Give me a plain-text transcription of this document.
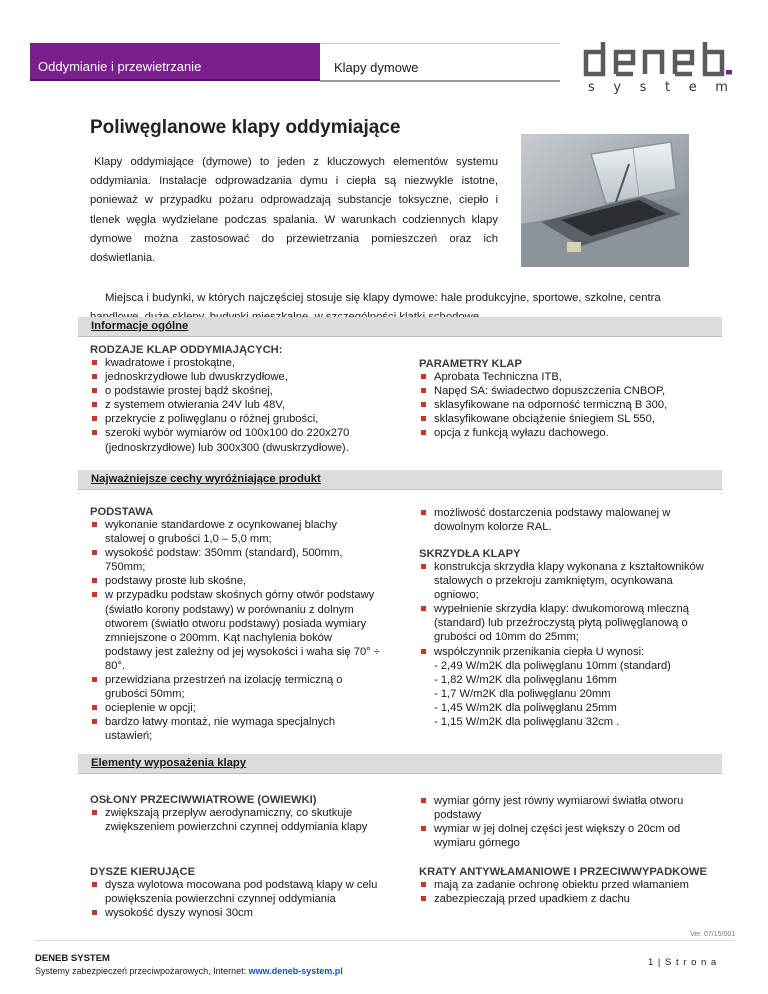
Oddymianie i przewietrzanie	Klapy dymowe
s y s t e m
Poliwęglanowe klapy oddymiające
Klapy oddymiające (dymowe) to jeden z kluczowych elementów systemu oddymiania. Instalacje odprowadzania dymu i ciepła są niezwykle istotne, ponieważ w przypadku pożaru odprowadzają substancje toksyczne, ciepło i tlenek węgla wydzielane podczas spalania. W warunkach codziennych klapy dymowe można zastosować do przewietrzania pomieszczeń oraz ich doświetlania.
Miejsca i budynki, w których najczęściej stosuje się klapy dymowe: hale produkcyjne, sportowe, szkolne, centra
Informacje ogólne
RODZAJE KLAP ODDYMIAJĄCYCH:
kwadratowe i prostokątne,
jednoskrzydłowe lub dwuskrzydłowe,
o podstawie prostej bądź skośnej,
z systemem otwierania 24V lub 48V,
przekrycie z poliwęglanu o różnej grubości,
szeroki wybór wymiarów od 100x100 do 220x270 (jednoskrzydłowe) lub 300x300 (dwuskrzydłowe).
PARAMETRY KLAP
Aprobata Techniczna ITB,
Napęd SA: świadectwo dopuszczenia CNBOP,
sklasyfikowane na odporność termiczną B 300,
sklasyfikowane obciążenie śniegiem SL 550,
opcja z funkcją wyłazu dachowego.
Najważniejsze cechy wyróżniające produkt
PODSTAWA
wykonanie standardowe z ocynkowanej blachy stalowej o grubości 1,0 – 5,0 mm;
wysokość podstaw: 350mm (standard), 500mm, 750mm;
podstawy proste lub skośne,
w przypadku podstaw skośnych górny otwór podstawy (światło korony podstawy) w porównaniu z dolnym otworem (światło otworu podstawy) posiada wymiary zmniejszone o 200mm. Kąt nachylenia boków podstawy jest zależny od jej wysokości i waha się 70° ÷ 80°.
przewidziana przestrzeń na izolację termiczną o grubości 50mm;
ocieplenie w opcji;
bardzo łatwy montaż, nie wymaga specjalnych ustawień;
możliwość dostarczenia podstawy malowanej w dowolnym kolorze RAL.
SKRZYDŁA KLAPY
konstrukcja skrzydła klapy wykonana z kształtowników stalowych o przekroju zamkniętym, ocynkowana ogniowo;
wypełnienie skrzydła klapy: dwukomorową mleczną (standard) lub przeźroczystą płytą poliwęglanową o grubości od 10mm do 25mm;
współczynnik przenikania ciepła U wynosi:
- 2,49 W/m2K dla poliwęglanu 10mm (standard)
- 1,82 W/m2K dla poliwęglanu 16mm
- 1,7 W/m2K dla poliwęglanu 20mm
- 1,45 W/m2K dla poliwęglanu 25mm
- 1,15 W/m2K dla poliwęglanu 32cm .
Elementy wyposażenia klapy
OSŁONY PRZECIWWIATROWE (OWIEWKI)
zwiększają przepływ aerodynamiczny, co skutkuje zwiększeniem powierzchni czynnej oddymiania klapy
wymiar górny jest równy wymiarowi światła otworu podstawy
wymiar w jej dolnej części jest większy o 20cm od wymiaru górnego
DYSZE KIERUJĄCE
dysza wylotowa mocowana pod podstawą klapy w celu powiększenia powierzchni czynnej oddymiania
wysokość dyszy wynosi 30cm
KRATY ANTYWŁAMANIOWE I PRZECIWWYPADKOWE
mają za zadanie ochronę obiektu przed włamaniem
zabezpieczają przed upadkiem z dachu
Ver. 07/15/001
DENEB SYSTEM
Systemy zabezpieczeń przeciwpożarowych, Internet: www.deneb-system.pl
1 | S t r o n a
